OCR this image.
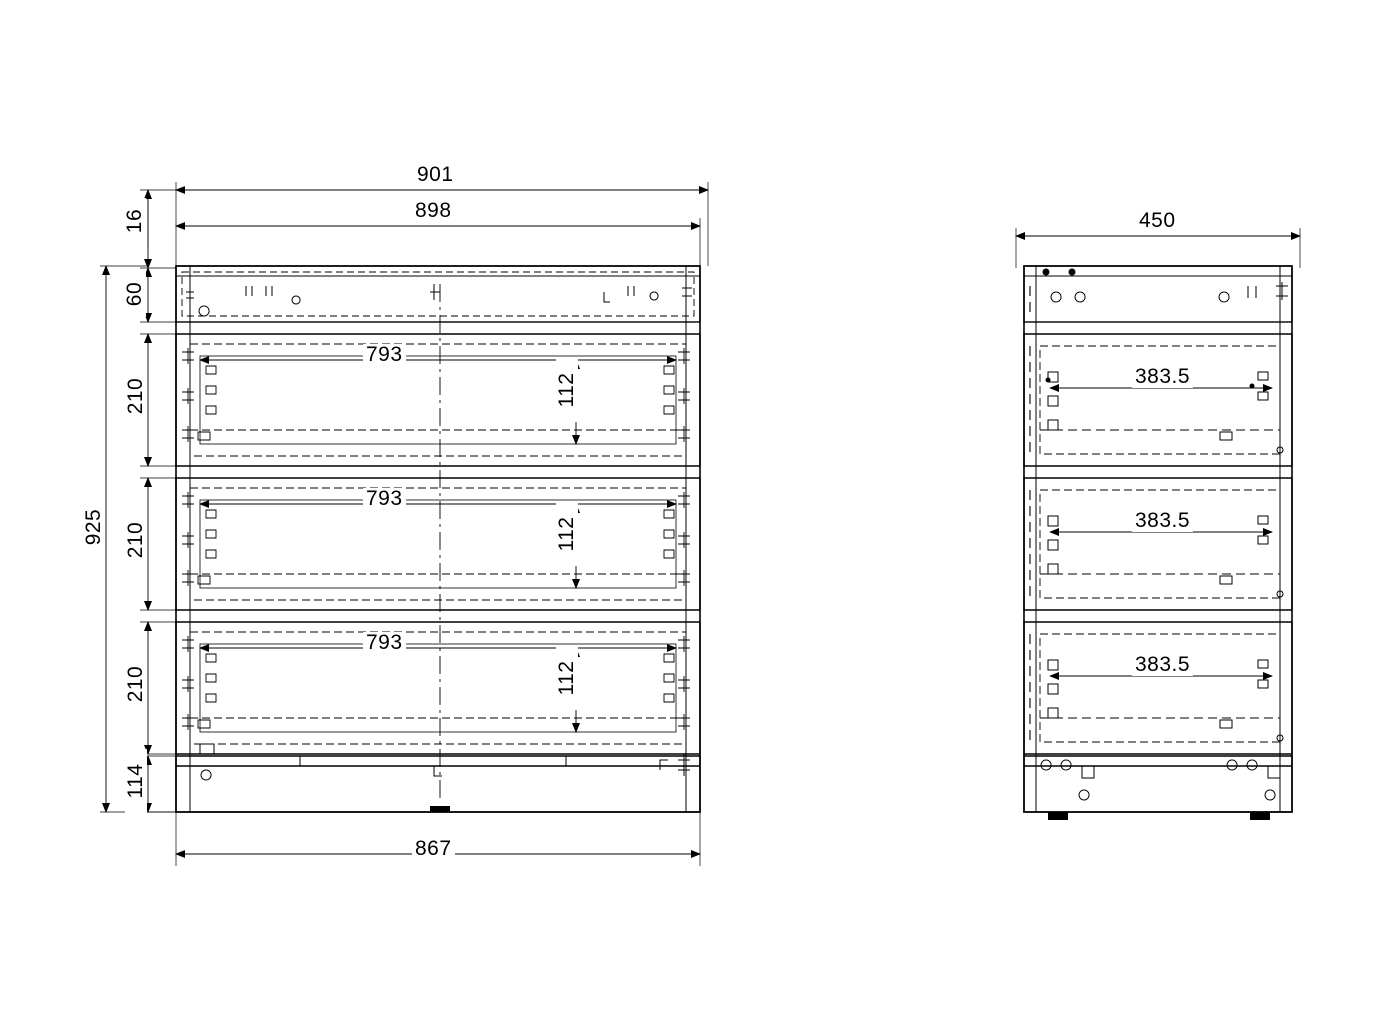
901
898
16
60
210
210
210
114
925
867
793
793
793
112
112
112
450
383.5
383.5
383.5
